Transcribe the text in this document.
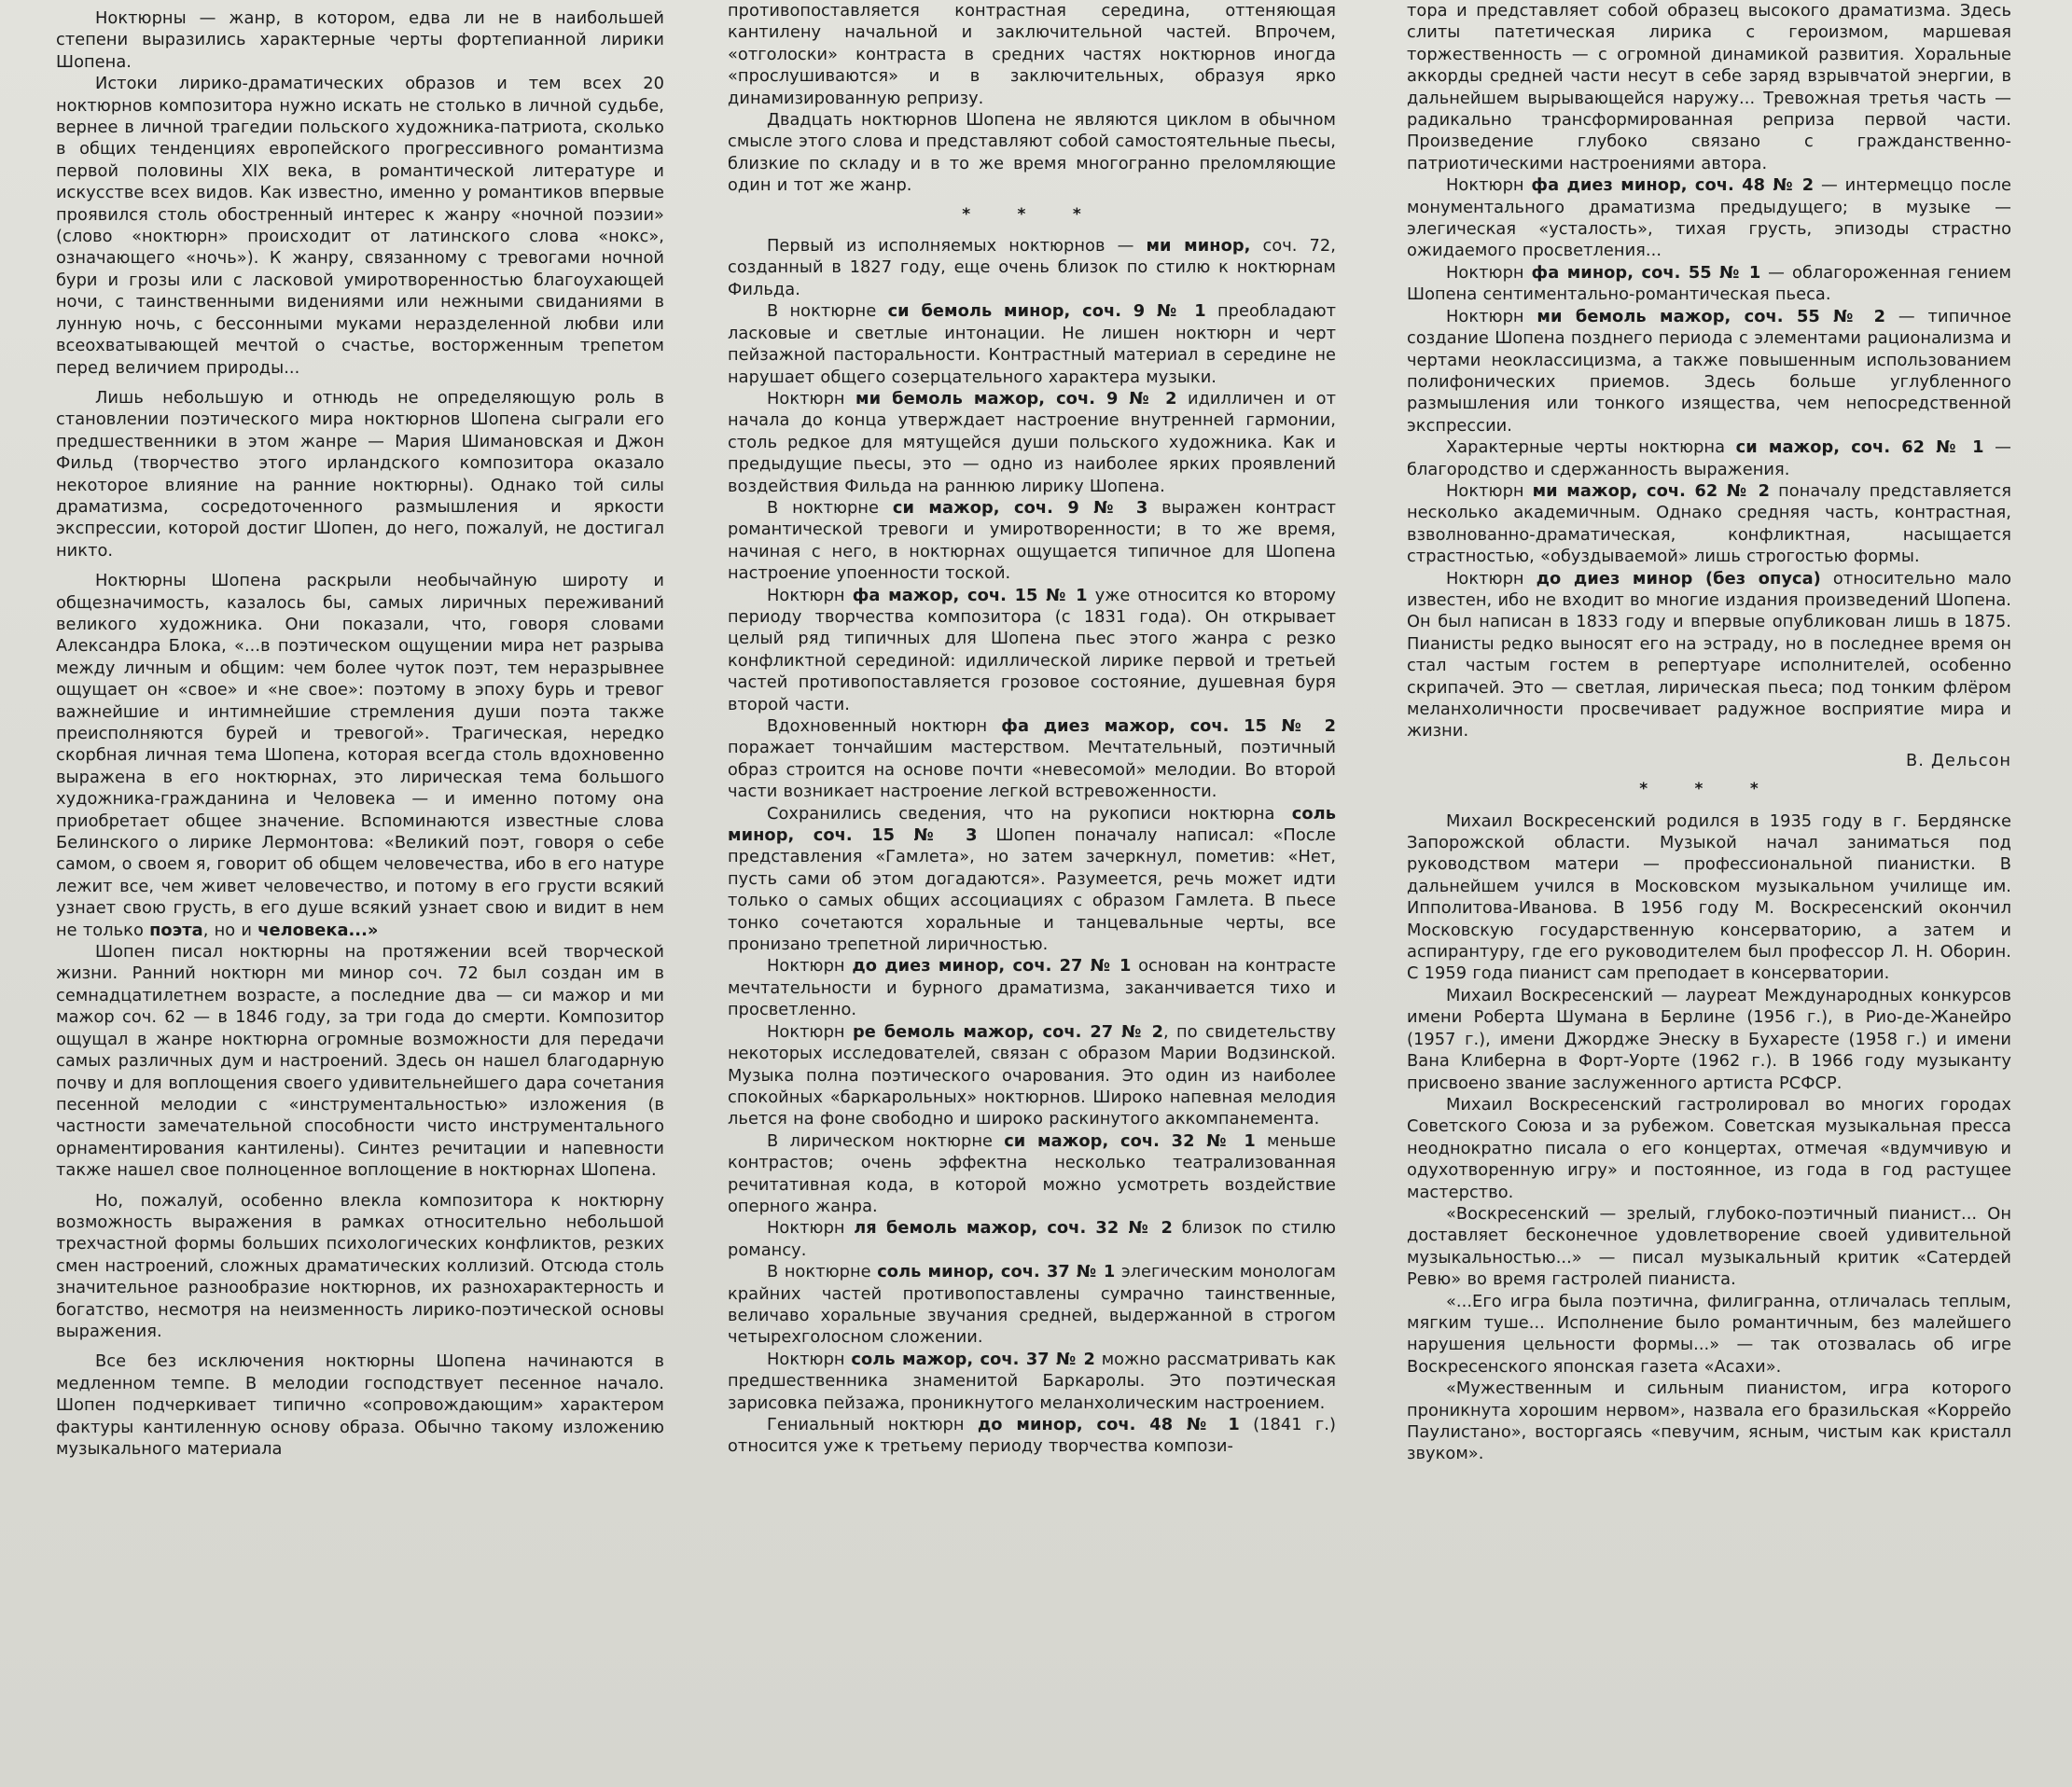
Ноктюрны — жанр, в котором, едва ли не в наибольшей степени выразились характерные черты фортепианной лирики Шопена.

Истоки лирико-драматических образов и тем всех 20 ноктюрнов композитора нужно искать не столько в личной судьбе, вернее в личной трагедии польского художника-патриота, сколько в общих тенденциях европейского прогрессивного романтизма первой половины XIX века, в романтической литературе и искусстве всех видов. Как известно, именно у романтиков впервые проявился столь обостренный интерес к жанру «ночной поэзии» (слово «ноктюрн» происходит от латинского слова «нокс», означающего «ночь»). К жанру, связанному с тревогами ночной бури и грозы или с ласковой умиротворенностью благоухающей ночи, с таинственными видениями или нежными свиданиями в лунную ночь, с бессонными муками неразделенной любви или всеохватывающей мечтой о счастье, восторженным трепетом перед величием природы...

Лишь небольшую и отнюдь не определяющую роль в становлении поэтического мира ноктюрнов Шопена сыграли его предшественники в этом жанре — Мария Шимановская и Джон Фильд (творчество этого ирландского композитора оказало некоторое влияние на ранние ноктюрны). Однако той силы драматизма, сосредоточенного размышления и яркости экспрессии, которой достиг Шопен, до него, пожалуй, не достигал никто.

Ноктюрны Шопена раскрыли необычайную широту и общезначимость, казалось бы, самых лиричных переживаний великого художника. Они показали, что, говоря словами Александра Блока, «...в поэтическом ощущении мира нет разрыва между личным и общим: чем более чуток поэт, тем неразрывнее ощущает он «свое» и «не свое»: поэтому в эпоху бурь и тревог важнейшие и интимнейшие стремления души поэта также преисполняются бурей и тревогой». Трагическая, нередко скорбная личная тема Шопена, которая всегда столь вдохновенно выражена в его ноктюрнах, это лирическая тема большого художника-гражданина и Человека — и именно потому она приобретает общее значение. Вспоминаются известные слова Белинского о лирике Лермонтова: «Великий поэт, говоря о себе самом, о своем я, говорит об общем человечества, ибо в его натуре лежит все, чем живет человечество, и потому в его грусти всякий узнает свою грусть, в его душе всякий узнает свою и видит в нем не только поэта, но и человека...»

Шопен писал ноктюрны на протяжении всей творческой жизни. Ранний ноктюрн ми минор соч. 72 был создан им в семнадцатилетнем возрасте, а последние два — си мажор и ми мажор соч. 62 — в 1846 году, за три года до смерти. Композитор ощущал в жанре ноктюрна огромные возможности для передачи самых различных дум и настроений. Здесь он нашел благодарную почву и для воплощения своего удивительнейшего дара сочетания песенной мелодии с «инструментальностью» изложения (в частности замечательной способности чисто инструментального орнаментирования кантилены). Синтез речитации и напевности также нашел свое полноценное воплощение в ноктюрнах Шопена.

Но, пожалуй, особенно влекла композитора к ноктюрну возможность выражения в рамках относительно небольшой трехчастной формы больших психологических конфликтов, резких смен настроений, сложных драматических коллизий. Отсюда столь значительное разнообразие ноктюрнов, их разнохарактерность и богатство, несмотря на неизменность лирико-поэтической основы выражения.

Все без исключения ноктюрны Шопена начинаются в медленном темпе. В мелодии господствует песенное начало. Шопен подчеркивает типично «сопровождающим» характером фактуры кантиленную основу образа. Обычно такому изложению музыкального материала

противопоставляется контрастная середина, оттеняющая кантилену начальной и заключительной частей. Впрочем, «отголоски» контраста в средних частях ноктюрнов иногда «прослушиваются» и в заключительных, образуя ярко динамизированную репризу.

Двадцать ноктюрнов Шопена не являются циклом в обычном смысле этого слова и представляют собой самостоятельные пьесы, близкие по складу и в то же время многогранно преломляющие один и тот же жанр.

* * *

Первый из исполняемых ноктюрнов — ми минор, соч. 72, созданный в 1827 году, еще очень близок по стилю к ноктюрнам Фильда.

В ноктюрне си бемоль минор, соч. 9 № 1 преобладают ласковые и светлые интонации. Не лишен ноктюрн и черт пейзажной пасторальности. Контрастный материал в середине не нарушает общего созерцательного характера музыки.

Ноктюрн ми бемоль мажор, соч. 9 № 2 идилличен и от начала до конца утверждает настроение внутренней гармонии, столь редкое для мятущейся души польского художника. Как и предыдущие пьесы, это — одно из наиболее ярких проявлений воздействия Фильда на раннюю лирику Шопена.

В ноктюрне си мажор, соч. 9 № 3 выражен контраст романтической тревоги и умиротворенности; в то же время, начиная с него, в ноктюрнах ощущается типичное для Шопена настроение упоенности тоской.

Ноктюрн фа мажор, соч. 15 № 1 уже относится ко второму периоду творчества композитора (с 1831 года). Он открывает целый ряд типичных для Шопена пьес этого жанра с резко конфликтной серединой: идиллической лирике первой и третьей частей противопоставляется грозовое состояние, душевная буря второй части.

Вдохновенный ноктюрн фа диез мажор, соч. 15 № 2 поражает тончайшим мастерством. Мечтательный, поэтичный образ строится на основе почти «невесомой» мелодии. Во второй части возникает настроение легкой встревоженности.

Сохранились сведения, что на рукописи ноктюрна соль минор, соч. 15 № 3 Шопен поначалу написал: «После представления «Гамлета», но затем зачеркнул, пометив: «Нет, пусть сами об этом догадаются». Разумеется, речь может идти только о самых общих ассоциациях с образом Гамлета. В пьесе тонко сочетаются хоральные и танцевальные черты, все пронизано трепетной лиричностью.

Ноктюрн до диез минор, соч. 27 № 1 основан на контрасте мечтательности и бурного драматизма, заканчивается тихо и просветленно.

Ноктюрн ре бемоль мажор, соч. 27 № 2, по свидетельству некоторых исследователей, связан с образом Марии Водзинской. Музыка полна поэтического очарования. Это один из наиболее спокойных «баркарольных» ноктюрнов. Широко напевная мелодия льется на фоне свободно и широко раскинутого аккомпанемента.

В лирическом ноктюрне си мажор, соч. 32 № 1 меньше контрастов; очень эффектна несколько театрализованная речитативная кода, в которой можно усмотреть воздействие оперного жанра.

Ноктюрн ля бемоль мажор, соч. 32 № 2 близок по стилю романсу.

В ноктюрне соль минор, соч. 37 № 1 элегическим монологам крайних частей противопоставлены сумрачно таинственные, величаво хоральные звучания средней, выдержанной в строгом четырехголосном сложении.

Ноктюрн соль мажор, соч. 37 № 2 можно рассматривать как предшественника знаменитой Баркаролы. Это поэтическая зарисовка пейзажа, проникнутого меланхолическим настроением.

Гениальный ноктюрн до минор, соч. 48 № 1 (1841 г.) относится уже к третьему периоду творчества компози-

тора и представляет собой образец высокого драматизма. Здесь слиты патетическая лирика с героизмом, маршевая торжественность — с огромной динамикой развития. Хоральные аккорды средней части несут в себе заряд взрывчатой энергии, в дальнейшем вырывающейся наружу... Тревожная третья часть — радикально трансформированная реприза первой части. Произведение глубоко связано с гражданственно-патриотическими настроениями автора.

Ноктюрн фа диез минор, соч. 48 № 2 — интермеццо после монументального драматизма предыдущего; в музыке — элегическая «усталость», тихая грусть, эпизоды страстно ожидаемого просветления...

Ноктюрн фа минор, соч. 55 № 1 — облагороженная гением Шопена сентиментально-романтическая пьеса.

Ноктюрн ми бемоль мажор, соч. 55 № 2 — типичное создание Шопена позднего периода с элементами рационализма и чертами неоклассицизма, а также повышенным использованием полифонических приемов. Здесь больше углубленного размышления или тонкого изящества, чем непосредственной экспрессии.

Характерные черты ноктюрна си мажор, соч. 62 № 1 — благородство и сдержанность выражения.

Ноктюрн ми мажор, соч. 62 № 2 поначалу представляется несколько академичным. Однако средняя часть, контрастная, взволнованно-драматическая, конфликтная, насыщается страстностью, «обуздываемой» лишь строгостью формы.

Ноктюрн до диез минор (без опуса) относительно мало известен, ибо не входит во многие издания произведений Шопена. Он был написан в 1833 году и впервые опубликован лишь в 1875. Пианисты редко выносят его на эстраду, но в последнее время он стал частым гостем в репертуаре исполнителей, особенно скрипачей. Это — светлая, лирическая пьеса; под тонким флёром меланхоличности просвечивает радужное восприятие мира и жизни.

В. Дельсон

* * *

Михаил Воскресенский родился в 1935 году в г. Бердянске Запорожской области. Музыкой начал заниматься под руководством матери — профессиональной пианистки. В дальнейшем учился в Московском музыкальном училище им. Ипполитова-Иванова. В 1956 году М. Воскресенский окончил Московскую государственную консерваторию, а затем и аспирантуру, где его руководителем был профессор Л. Н. Оборин. С 1959 года пианист сам преподает в консерватории.

Михаил Воскресенский — лауреат Международных конкурсов имени Роберта Шумана в Берлине (1956 г.), в Рио-де-Жанейро (1957 г.), имени Джордже Энеску в Бухаресте (1958 г.) и имени Вана Клиберна в Форт-Уорте (1962 г.). В 1966 году музыканту присвоено звание заслуженного артиста РСФСР.

Михаил Воскресенский гастролировал во многих городах Советского Союза и за рубежом. Советская музыкальная пресса неоднократно писала о его концертах, отмечая «вдумчивую и одухотворенную игру» и постоянное, из года в год растущее мастерство.

«Воскресенский — зрелый, глубоко-поэтичный пианист... Он доставляет бесконечное удовлетворение своей удивительной музыкальностью...» — писал музыкальный критик «Сатердей Ревю» во время гастролей пианиста.

«...Его игра была поэтична, филигранна, отличалась теплым, мягким туше... Исполнение было романтичным, без малейшего нарушения цельности формы...» — так отозвалась об игре Воскресенского японская газета «Асахи».

«Мужественным и сильным пианистом, игра которого проникнута хорошим нервом», назвала его бразильская «Коррейо Паулистано», восторгаясь «певучим, ясным, чистым как кристалл звуком».
